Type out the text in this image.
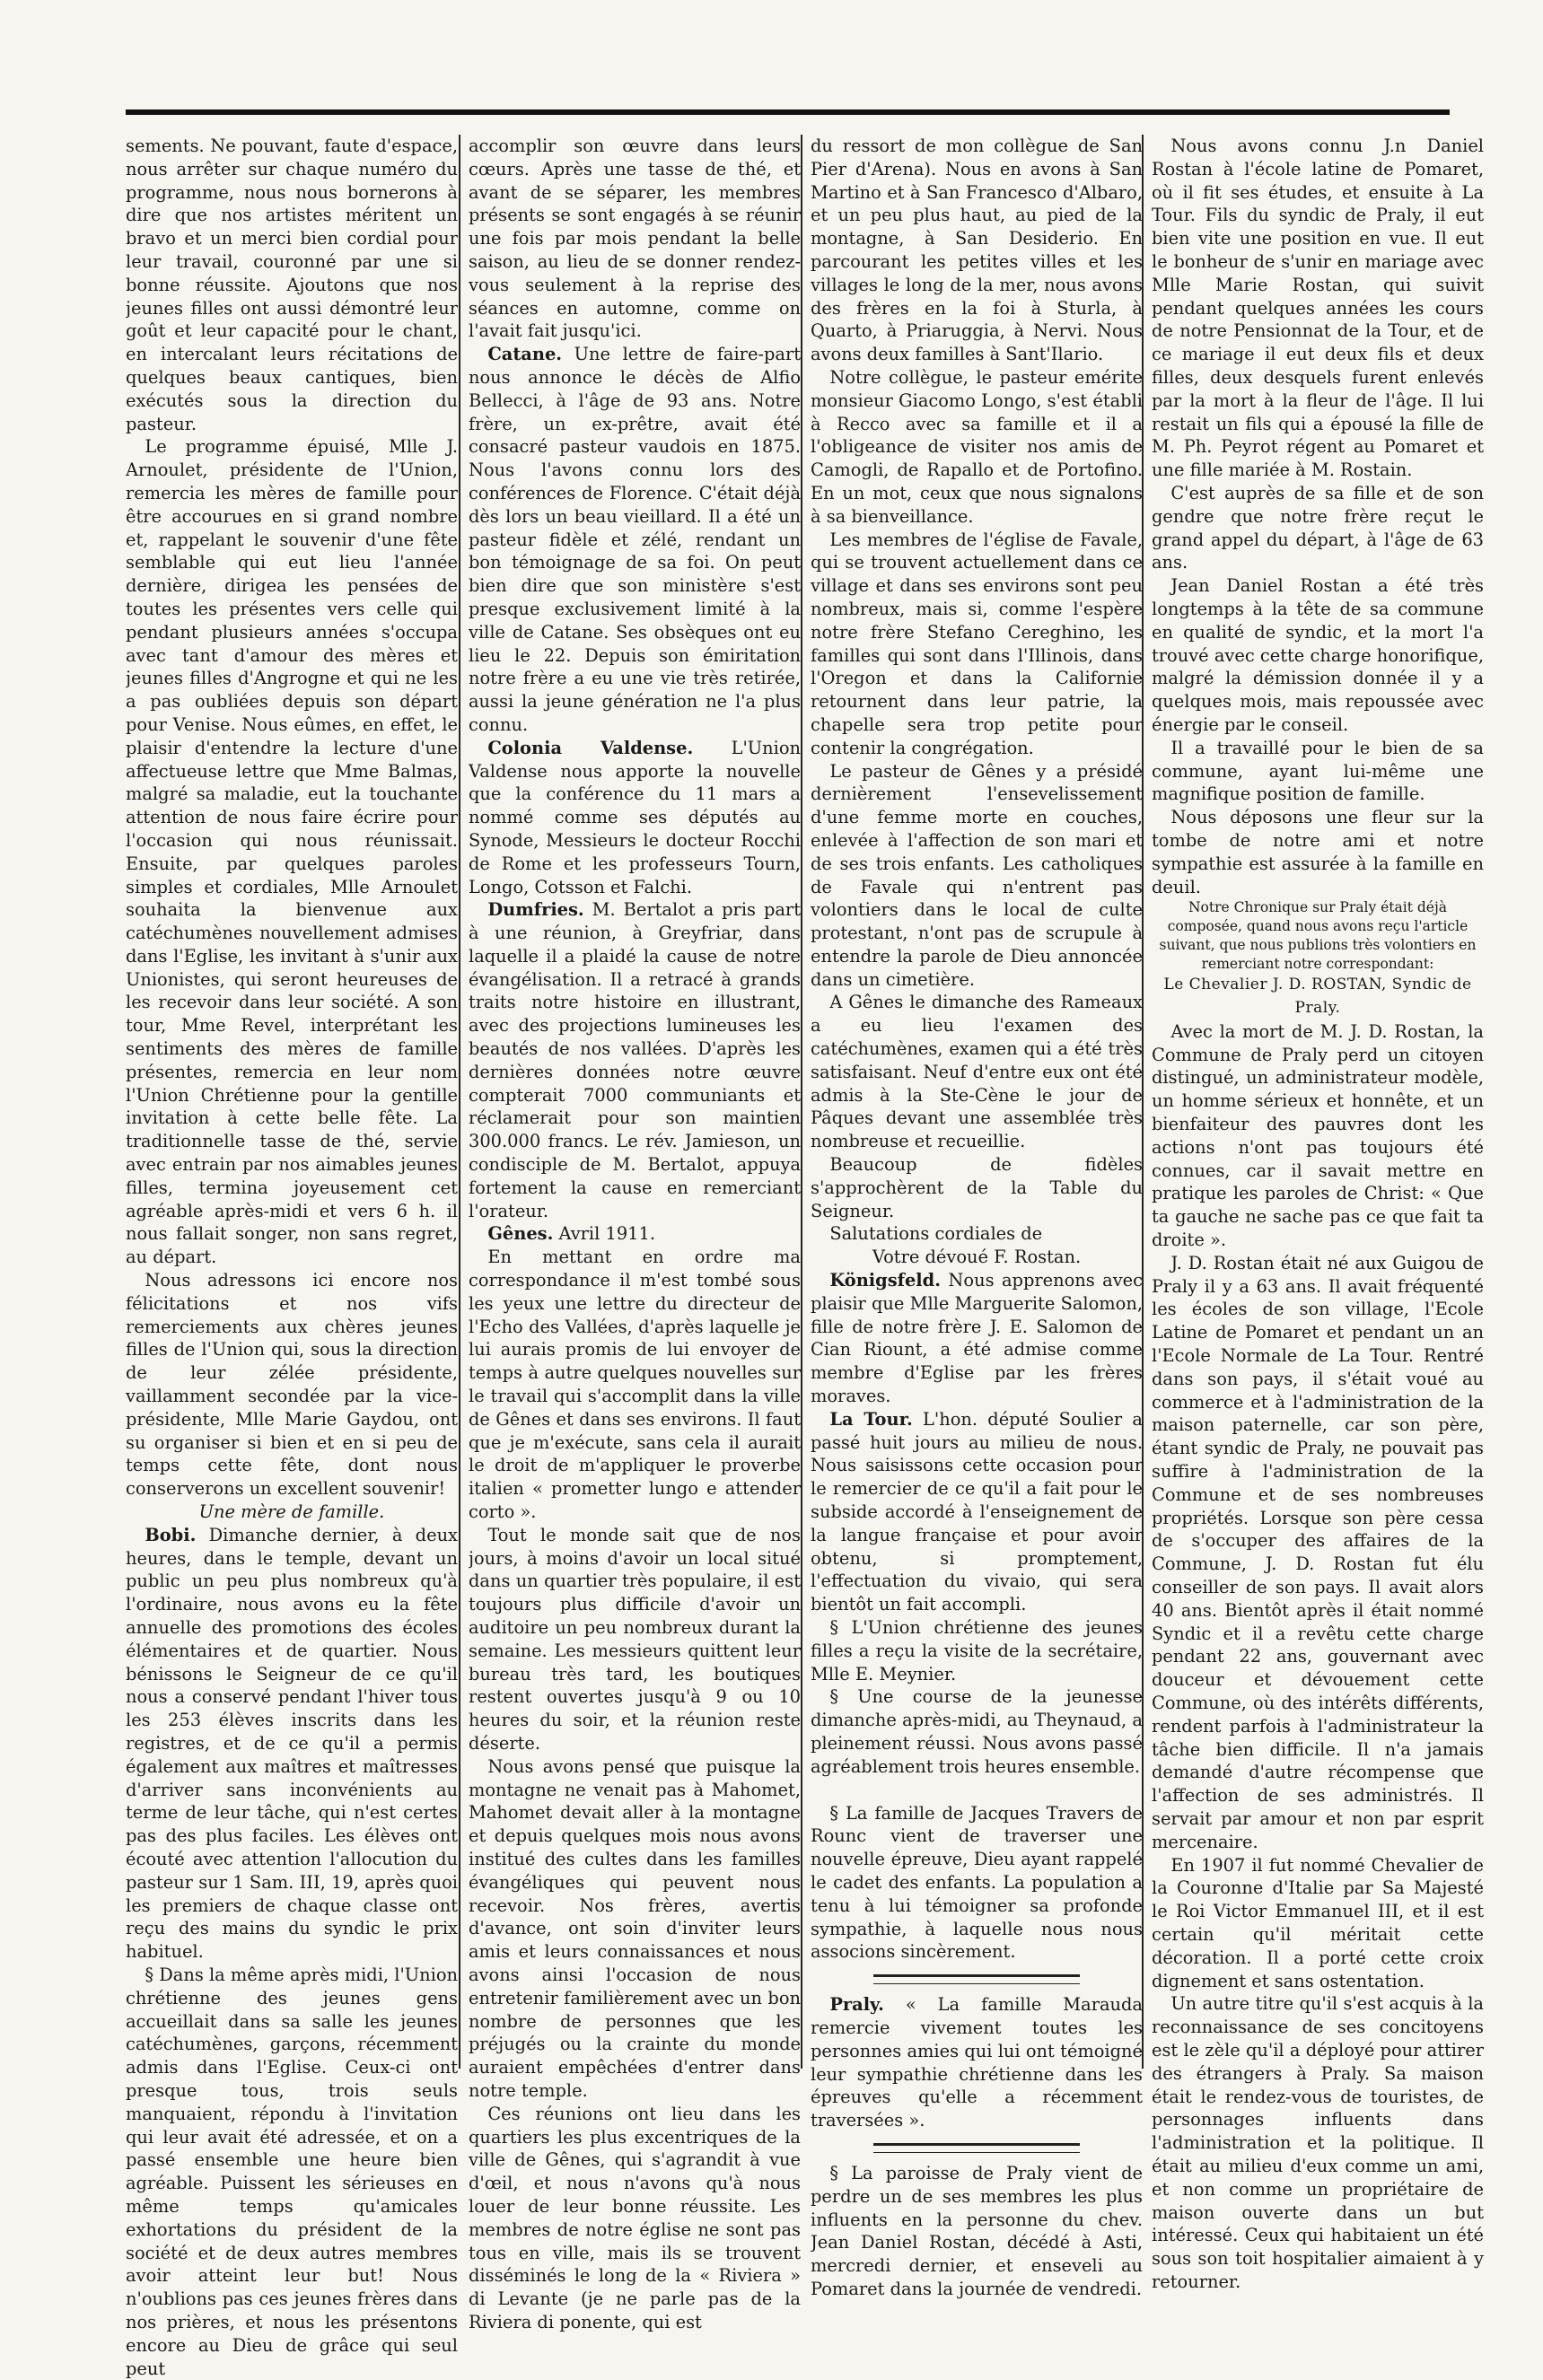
sements. Ne pouvant, faute d'espace, nous arrêter sur chaque numéro du programme, nous nous bornerons à dire que nos artistes méritent un bravo et un merci bien cordial pour leur travail, couronné par une si bonne réussite. Ajoutons que nos jeunes filles ont aussi démontré leur goût et leur capacité pour le chant, en intercalant leurs récitations de quelques beaux cantiques, bien exécutés sous la direction du pasteur.

Le programme épuisé, Mlle J. Arnoulet, présidente de l'Union, remercia les mères de famille pour être accourues en si grand nombre et, rappelant le souvenir d'une fête semblable qui eut lieu l'année dernière, dirigea les pensées de toutes les présentes vers celle qui pendant plusieurs années s'occupa avec tant d'amour des mères et jeunes filles d'Angrogne et qui ne les a pas oubliées depuis son départ pour Venise. Nous eûmes, en effet, le plaisir d'entendre la lecture d'une affectueuse lettre que Mme Balmas, malgré sa maladie, eut la touchante attention de nous faire écrire pour l'occasion qui nous réunissait. Ensuite, par quelques paroles simples et cordiales, Mlle Arnoulet souhaita la bienvenue aux catéchumènes nouvellement admises dans l'Eglise, les invitant à s'unir aux Unionistes, qui seront heureuses de les recevoir dans leur société. A son tour, Mme Revel, interprétant les sentiments des mères de famille présentes, remercia en leur nom l'Union Chrétienne pour la gentille invitation à cette belle fête. La traditionnelle tasse de thé, servie avec entrain par nos aimables jeunes filles, termina joyeusement cet agréable après-midi et vers 6 h. il nous fallait songer, non sans regret, au départ.

Nous adressons ici encore nos félicitations et nos vifs remerciements aux chères jeunes filles de l'Union qui, sous la direction de leur zélée présidente, vaillamment secondée par la vice-présidente, Mlle Marie Gaydou, ont su organiser si bien et en si peu de temps cette fête, dont nous conserverons un excellent souvenir!

Une mère de famille.

Bobi. Dimanche dernier, à deux heures, dans le temple, devant un public un peu plus nombreux qu'à l'ordinaire, nous avons eu la fête annuelle des promotions des écoles élémentaires et de quartier. Nous bénissons le Seigneur de ce qu'il nous a conservé pendant l'hiver tous les 253 élèves inscrits dans les registres, et de ce qu'il a permis également aux maîtres et maîtresses d'arriver sans inconvénients au terme de leur tâche, qui n'est certes pas des plus faciles. Les élèves ont écouté avec attention l'allocution du pasteur sur 1 Sam. III, 19, après quoi les premiers de chaque classe ont reçu des mains du syndic le prix habituel.

§ Dans la même après midi, l'Union chrétienne des jeunes gens accueillait dans sa salle les jeunes catéchumènes, garçons, récemment admis dans l'Eglise. Ceux-ci ont presque tous, trois seuls manquaient, répondu à l'invitation qui leur avait été adressée, et on a passé ensemble une heure bien agréable. Puissent les sérieuses en même temps qu'amicales exhortations du président de la société et de deux autres membres avoir atteint leur but! Nous n'oublions pas ces jeunes frères dans nos prières, et nous les présentons encore au Dieu de grâce qui seul peut

accomplir son œuvre dans leurs cœurs. Après une tasse de thé, et avant de se séparer, les membres présents se sont engagés à se réunir une fois par mois pendant la belle saison, au lieu de se donner rendez-vous seulement à la reprise des séances en automne, comme on l'avait fait jusqu'ici.

Catane. Une lettre de faire-part nous annonce le décès de Alfio Bellecci, à l'âge de 93 ans. Notre frère, un ex-prêtre, avait été consacré pasteur vaudois en 1875. Nous l'avons connu lors des conférences de Florence. C'était déjà dès lors un beau vieillard. Il a été un pasteur fidèle et zélé, rendant un bon témoignage de sa foi. On peut bien dire que son ministère s'est presque exclusivement limité à la ville de Catane. Ses obsèques ont eu lieu le 22. Depuis son émiritation notre frère a eu une vie très retirée, aussi la jeune génération ne l'a plus connu.

Colonia Valdense. L'Union Valdense nous apporte la nouvelle que la conférence du 11 mars a nommé comme ses députés au Synode, Messieurs le docteur Rocchi de Rome et les professeurs Tourn, Longo, Cotsson et Falchi.

Dumfries. M. Bertalot a pris part à une réunion, à Greyfriar, dans laquelle il a plaidé la cause de notre évangélisation. Il a retracé à grands traits notre histoire en illustrant, avec des projections lumineuses les beautés de nos vallées. D'après les dernières données notre œuvre compterait 7000 communiants et réclamerait pour son maintien 300.000 francs. Le rév. Jamieson, un condisciple de M. Bertalot, appuya fortement la cause en remerciant l'orateur.

Gênes. Avril 1911.

En mettant en ordre ma correspondance il m'est tombé sous les yeux une lettre du directeur de l'Echo des Vallées, d'après laquelle je lui aurais promis de lui envoyer de temps à autre quelques nouvelles sur le travail qui s'accomplit dans la ville de Gênes et dans ses environs. Il faut que je m'exécute, sans cela il aurait le droit de m'appliquer le proverbe italien « prometter lungo e attender corto ».

Tout le monde sait que de nos jours, à moins d'avoir un local situé dans un quartier très populaire, il est toujours plus difficile d'avoir un auditoire un peu nombreux durant la semaine. Les messieurs quittent leur bureau très tard, les boutiques restent ouvertes jusqu'à 9 ou 10 heures du soir, et la réunion reste déserte.

Nous avons pensé que puisque la montagne ne venait pas à Mahomet, Mahomet devait aller à la montagne et depuis quelques mois nous avons institué des cultes dans les familles évangéliques qui peuvent nous recevoir. Nos frères, avertis d'avance, ont soin d'inviter leurs amis et leurs connaissances et nous avons ainsi l'occasion de nous entretenir familièrement avec un bon nombre de personnes que les préjugés ou la crainte du monde auraient empêchées d'entrer dans notre temple.

Ces réunions ont lieu dans les quartiers les plus excentriques de la ville de Gênes, qui s'agrandit à vue d'œil, et nous n'avons qu'à nous louer de leur bonne réussite. Les membres de notre église ne sont pas tous en ville, mais ils se trouvent disséminés le long de la « Riviera » di Levante (je ne parle pas de la Riviera di ponente, qui est

du ressort de mon collègue de San Pier d'Arena). Nous en avons à San Martino et à San Francesco d'Albaro, et un peu plus haut, au pied de la montagne, à San Desiderio. En parcourant les petites villes et les villages le long de la mer, nous avons des frères en la foi à Sturla, à Quarto, à Priaruggia, à Nervi. Nous avons deux familles à Sant'Ilario.

Notre collègue, le pasteur emérite monsieur Giacomo Longo, s'est établi à Recco avec sa famille et il a l'obligeance de visiter nos amis de Camogli, de Rapallo et de Portofino. En un mot, ceux que nous signalons à sa bienveillance.

Les membres de l'église de Favale, qui se trouvent actuellement dans ce village et dans ses environs sont peu nombreux, mais si, comme l'espère notre frère Stefano Cereghino, les familles qui sont dans l'Illinois, dans l'Oregon et dans la Californie retournent dans leur patrie, la chapelle sera trop petite pour contenir la congrégation.

Le pasteur de Gênes y a présidé dernièrement l'ensevelissement d'une femme morte en couches, enlevée à l'affection de son mari et de ses trois enfants. Les catholiques de Favale qui n'entrent pas volontiers dans le local de culte protestant, n'ont pas de scrupule à entendre la parole de Dieu annoncée dans un cimetière.

A Gênes le dimanche des Rameaux a eu lieu l'examen des catéchumènes, examen qui a été très satisfaisant. Neuf d'entre eux ont été admis à la Ste-Cène le jour de Pâques devant une assemblée très nombreuse et recueillie.

Beaucoup de fidèles s'approchèrent de la Table du Seigneur.

Salutations cordiales de

Votre dévoué F. Rostan.

Königsfeld. Nous apprenons avec plaisir que Mlle Marguerite Salomon, fille de notre frère J. E. Salomon de Cian Riount, a été admise comme membre d'Eglise par les frères moraves.

La Tour. L'hon. député Soulier a passé huit jours au milieu de nous. Nous saisissons cette occasion pour le remercier de ce qu'il a fait pour le subside accordé à l'enseignement de la langue française et pour avoir obtenu, si promptement, l'effectuation du vivaio, qui sera bientôt un fait accompli.

§ L'Union chrétienne des jeunes filles a reçu la visite de la secrétaire, Mlle E. Meynier.

§ Une course de la jeunesse dimanche après-midi, au Theynaud, a pleinement réussi. Nous avons passé agréablement trois heures ensemble.

§ La famille de Jacques Travers de Rounc vient de traverser une nouvelle épreuve, Dieu ayant rappelé le cadet des enfants. La population a tenu à lui témoigner sa profonde sympathie, à laquelle nous nous associons sincèrement.

Praly. « La famille Marauda remercie vivement toutes les personnes amies qui lui ont témoigné leur sympathie chrétienne dans les épreuves qu'elle a récemment traversées ».

§ La paroisse de Praly vient de perdre un de ses membres les plus influents en la personne du chev. Jean Daniel Rostan, décédé à Asti, mercredi dernier, et enseveli au Pomaret dans la journée de vendredi.

Nous avons connu J.n Daniel Rostan à l'école latine de Pomaret, où il fit ses études, et ensuite à La Tour. Fils du syndic de Praly, il eut bien vite une position en vue. Il eut le bonheur de s'unir en mariage avec Mlle Marie Rostan, qui suivit pendant quelques années les cours de notre Pensionnat de la Tour, et de ce mariage il eut deux fils et deux filles, deux desquels furent enlevés par la mort à la fleur de l'âge. Il lui restait un fils qui a épousé la fille de M. Ph. Peyrot régent au Pomaret et une fille mariée à M. Rostain.

C'est auprès de sa fille et de son gendre que notre frère reçut le grand appel du départ, à l'âge de 63 ans.

Jean Daniel Rostan a été très longtemps à la tête de sa commune en qualité de syndic, et la mort l'a trouvé avec cette charge honorifique, malgré la démission donnée il y a quelques mois, mais repoussée avec énergie par le conseil.

Il a travaillé pour le bien de sa commune, ayant lui-même une magnifique position de famille.

Nous déposons une fleur sur la tombe de notre ami et notre sympathie est assurée à la famille en deuil.

Notre Chronique sur Praly était déjà composée, quand nous avons reçu l'article suivant, que nous publions très volontiers en remerciant notre correspondant:

Le Chevalier J. D. ROSTAN, Syndic de Praly.

Avec la mort de M. J. D. Rostan, la Commune de Praly perd un citoyen distingué, un administrateur modèle, un homme sérieux et honnête, et un bienfaiteur des pauvres dont les actions n'ont pas toujours été connues, car il savait mettre en pratique les paroles de Christ: « Que ta gauche ne sache pas ce que fait ta droite ».

J. D. Rostan était né aux Guigou de Praly il y a 63 ans. Il avait fréquenté les écoles de son village, l'Ecole Latine de Pomaret et pendant un an l'Ecole Normale de La Tour. Rentré dans son pays, il s'était voué au commerce et à l'administration de la maison paternelle, car son père, étant syndic de Praly, ne pouvait pas suffire à l'administration de la Commune et de ses nombreuses propriétés. Lorsque son père cessa de s'occuper des affaires de la Commune, J. D. Rostan fut élu conseiller de son pays. Il avait alors 40 ans. Bientôt après il était nommé Syndic et il a revêtu cette charge pendant 22 ans, gouvernant avec douceur et dévouement cette Commune, où des intérêts différents, rendent parfois à l'administrateur la tâche bien difficile. Il n'a jamais demandé d'autre récompense que l'affection de ses administrés. Il servait par amour et non par esprit mercenaire.

En 1907 il fut nommé Chevalier de la Couronne d'Italie par Sa Majesté le Roi Victor Emmanuel III, et il est certain qu'il méritait cette décoration. Il a porté cette croix dignement et sans ostentation.

Un autre titre qu'il s'est acquis à la reconnaissance de ses concitoyens est le zèle qu'il a déployé pour attirer des étrangers à Praly. Sa maison était le rendez-vous de touristes, de personnages influents dans l'administration et la politique. Il était au milieu d'eux comme un ami, et non comme un propriétaire de maison ouverte dans un but intéressé. Ceux qui habitaient un été sous son toit hospitalier aimaient à y retourner.
